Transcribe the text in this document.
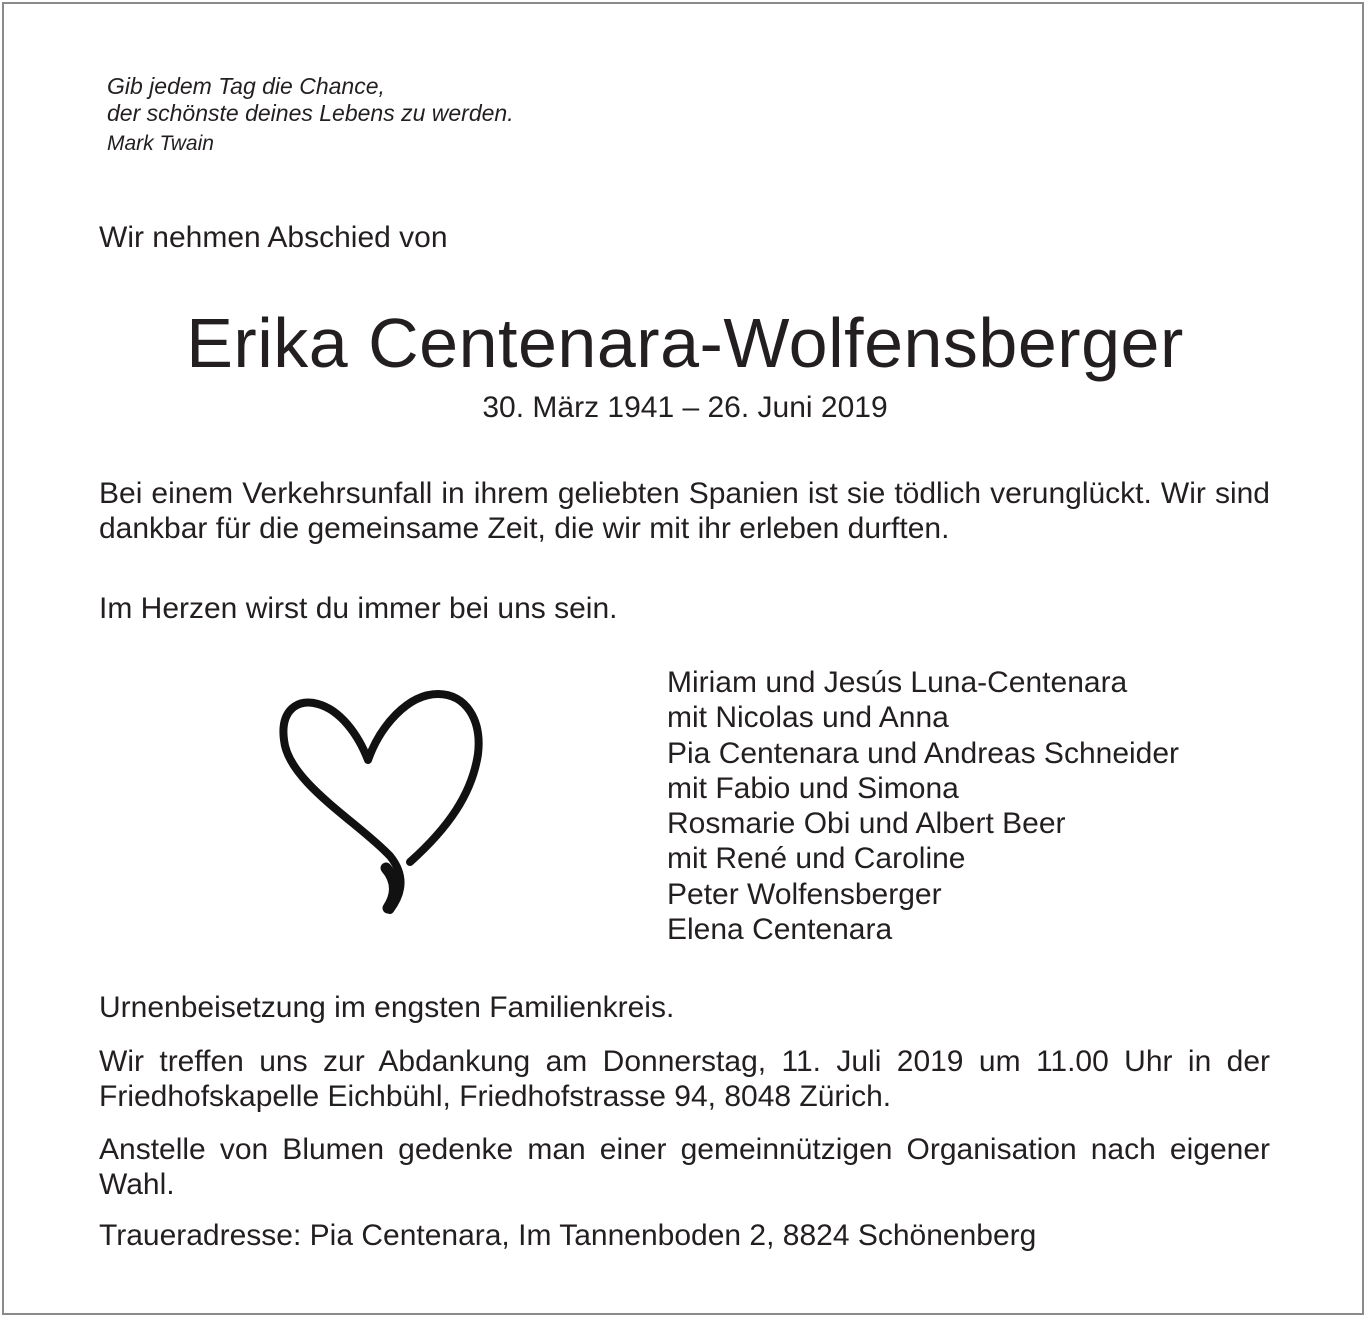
Gib jedem Tag die Chance,
der schönste deines Lebens zu werden.
Mark Twain
Wir nehmen Abschied von
Erika Centenara-Wolfensberger
30. März 1941 – 26. Juni 2019
Bei einem Verkehrsunfall in ihrem geliebten Spanien ist sie tödlich verunglückt. Wir sind dankbar für die gemeinsame Zeit, die wir mit ihr erleben durften.
Im Herzen wirst du immer bei uns sein.
Miriam und Jesús Luna-Centenara
mit Nicolas und Anna
Pia Centenara und Andreas Schneider
mit Fabio und Simona
Rosmarie Obi und Albert Beer
mit René und Caroline
Peter Wolfensberger
Elena Centenara
Urnenbeisetzung im engsten Familienkreis.
Wir treffen uns zur Abdankung am Donnerstag, 11. Juli 2019 um 11.00 Uhr in der Friedhofskapelle Eichbühl, Friedhofstrasse 94, 8048 Zürich.
Anstelle von Blumen gedenke man einer gemeinnützigen Organisation nach eigener Wahl.
Traueradresse: Pia Centenara, Im Tannenboden 2, 8824 Schönenberg
